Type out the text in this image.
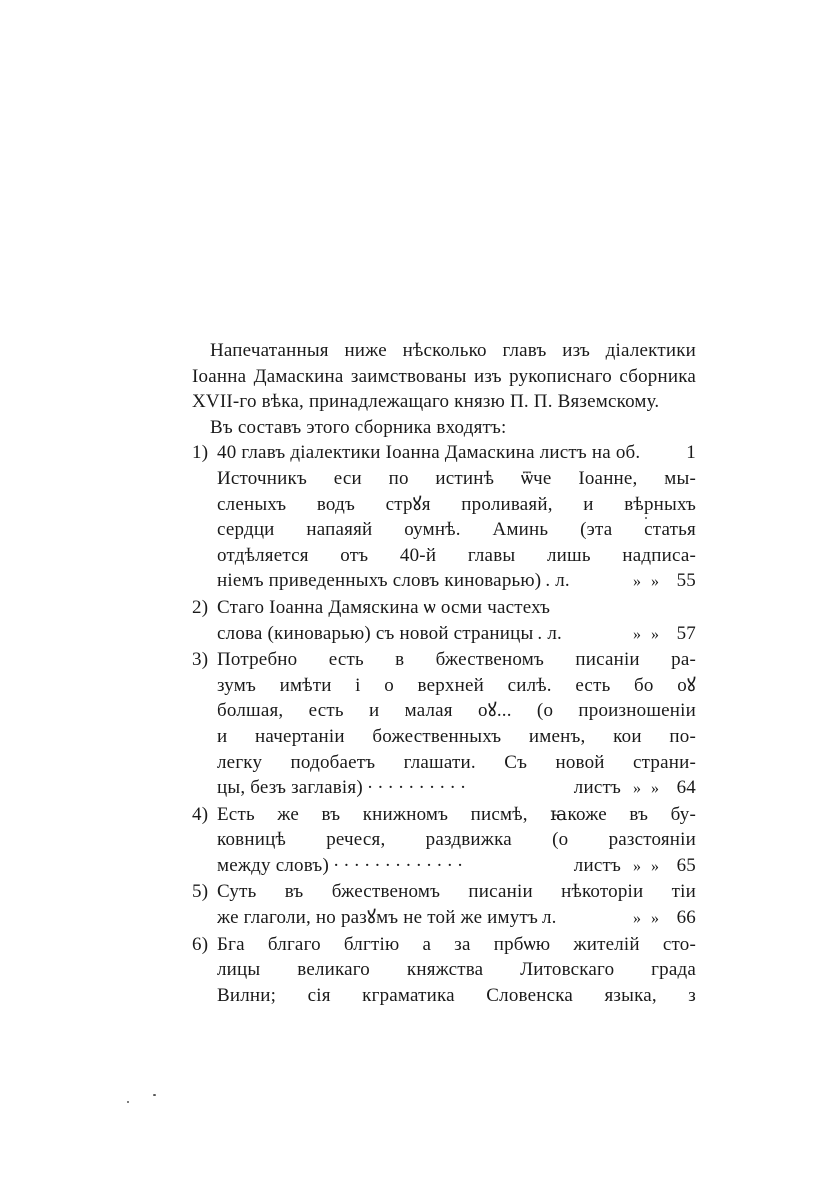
Напечатанныя ниже нѣсколько главъ изъ діалектики
Іоанна Дамаскина заимствованы изъ рукописнаго сборника
XVII-го вѣка, принадлежащаго князю П. П. Вяземскому.
Въ составъ этого сборника входятъ:
1) 40 главъ діалектики Іоанна Дамаскина листъ на об.	1
Источникъ еси по истинѣ ѿче Іоанне, мы-
сленыхъ водъ стрꙋя проливаяй, и вѣрныхъ
сердци напаяяй оумнѣ. Аминь (эта статья
отдѣляется отъ 40-й главы лишь надписа-
ніемъ приведенныхъ словъ киноварью) . л.	» » 55
2) Стаго Іоанна Дамяскина ѡ осми частехъ
слова (киноварью) съ новой страницы . л.	» » 57
3) Потребно есть в бжественомъ писаніи ра-
зумъ имѣти і о верхней силѣ. есть бо оꙋ
болшая, есть и малая оꙋ... (о произношеніи
и начертаніи божественныхъ именъ, кои по-
легку подобаетъ глашати. Съ новой страни-
цы, безъ заглавія) ··········	листъ » » 64
4) Есть же въ книжномъ писмѣ, ꙗкоже въ бу-
ковницѣ речеся, раздвижка (о разстояніи
между словъ) ·············	листъ » » 65
5) Суть въ бжественомъ писаніи нѣкоторіи тіи
же глаголи, но разꙋмъ не той же имутъ л.	» » 66
6) Бга блгаго блгтію а за прбѡю жителій сто-
лицы великаго княжства Литовскаго града
Вилни; сія кграматика Словенска языка, з
